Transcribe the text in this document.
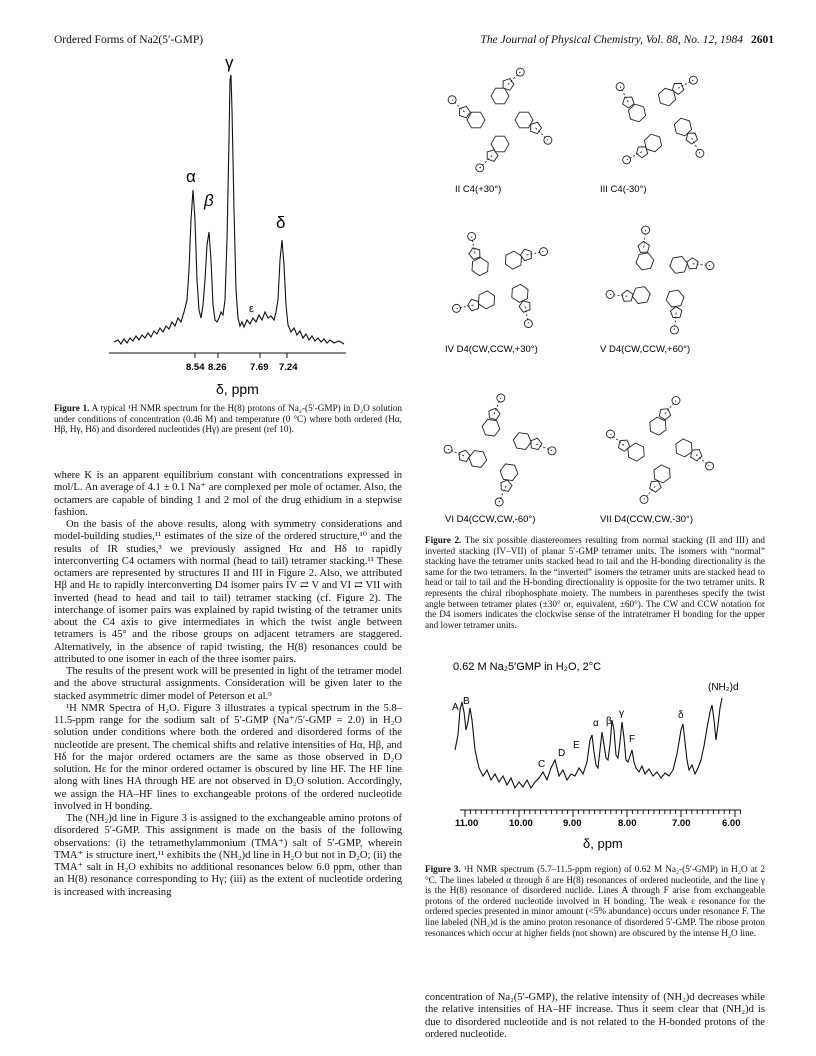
Ordered Forms of Na2(5′-GMP)	The Journal of Physical Chemistry, Vol. 88, No. 12, 1984 2601
γ
α
β
δ
ε
8.54 8.26 7.69 7.24
δ, ppm
Figure 1. A typical ¹H NMR spectrum for the H(8) protons of Na₂-(5′-GMP) in D₂O solution under conditions of concentration (0.46 M) and temperature (0 °C) where both ordered (Hα, Hβ, Hγ, Hδ) and disordered nucleotides (Hγ) are present (ref 10).

where K is an apparent equilibrium constant with concentrations expressed in mol/L. An average of 4.1 ± 0.1 Na⁺ are complexed per mole of octamer. Also, the octamers are capable of binding 1 and 2 mol of the drug ethidium in a stepwise fashion.

On the basis of the above results, along with symmetry considerations and model-building studies,¹¹ estimates of the size of the ordered structure,¹⁰ and the results of IR studies,³ we previously assigned Hα and Hδ to rapidly interconverting C4 octamers with normal (head to tail) tetramer stacking.¹¹ These octamers are represented by structures II and III in Figure 2. Also, we attributed Hβ and Hε to rapidly interconverting D4 isomer pairs IV ⇄ V and VI ⇄ VII with inverted (head to head and tail to tail) tetramer stacking (cf. Figure 2). The interchange of isomer pairs was explained by rapid twisting of the tetramer units about the C4 axis to give intermediates in which the twist angle between tetramers is 45° and the ribose groups on adjacent tetramers are staggered. Alternatively, in the absence of rapid twisting, the H(8) resonances could be attributed to one isomer in each of the three isomer pairs.

The results of the present work will be presented in light of the tetramer model and the above structural assignments. Consideration will be given later to the stacked asymmetric dimer model of Peterson et al.⁹

¹H NMR Spectra of H₂O. Figure 3 illustrates a typical spectrum in the 5.8–11.5-ppm range for the sodium salt of 5′-GMP (Na⁺/5′-GMP = 2.0) in H₂O solution under conditions where both the ordered and disordered forms of the nucleotide are present. The chemical shifts and relative intensities of Hα, Hβ, and Hδ for the major ordered octamers are the same as those observed in D₂O solution. Hε for the minor ordered octamer is obscured by line HF. The HF line along with lines HA through HE are not observed in D₂O solution. Accordingly, we assign the HA–HF lines to exchangeable protons of the ordered nucleotide involved in H bonding.

The (NH₂)d line in Figure 3 is assigned to the exchangeable amino protons of disordered 5′-GMP. This assignment is made on the basis of the following observations: (i) the tetramethylammonium (TMA⁺) salt of 5′-GMP, wherein TMA⁺ is structure inert,¹¹ exhibits the (NH₂)d line in H₂O but not in D₂O; (ii) the TMA⁺ salt in H₂O exhibits no additional resonances below 6.0 ppm, other than an H(8) resonance corresponding to Hγ; (iii) as the extent of nucleotide ordering is increased with increasing

II C4(+30°)	III C4(-30°)
IV D4(CW,CCW,+30°)	V D4(CW,CCW,+60°)
VI D4(CCW,CW,-60°)	VII D4(CCW,CW,-30°)
Figure 2. The six possible diastereomers resulting from normal stacking (II and III) and inverted stacking (IV–VII) of planar 5′-GMP tetramer units. The isomers with “normal” stacking have the tetramer units stacked head to tail and the H-bonding directionality is the same for the two tetramers. In the “inverted” isomers the tetramer units are stacked head to head or tail to tail and the H-bonding directionality is opposite for the two tetramer units. R represents the chiral ribophosphate moiety. The numbers in parentheses specify the twist angle between tetramer plates (±30° or, equivalent, ±60°). The CW and CCW notation for the D4 isomers indicates the clockwise sense of the intratetramer H bonding for the upper and lower tetramer units.
0.62 M Na₂5′GMP in H₂O, 2°C
A
B
C
D
E
α β
γ
F
δ
(NH₂)d
11.00	10.00	9.00	8.00	7.00	6.00
δ, ppm
Figure 3. ¹H NMR spectrum (5.7–11.5-ppm region) of 0.62 M Na₂-(5′-GMP) in H₂O at 2 °C. The lines labeled α through δ are H(8) resonances of ordered nucleotide, and the line γ is the H(8) resonance of disordered nuclide. Lines A through F arise from exchangeable protons of the ordered nucleotide involved in H bonding. The weak ε resonance for the ordered species presented in minor amount (<5% abundance) occurs under resonance F. The line labeled (NH₂)d is the amino proton resonance of disordered 5′-GMP. The ribose proton resonances which occur at higher fields (not shown) are obscured by the intense H₂O line.
concentration of Na₂(5′-GMP), the relative intensity of (NH₂)d decreases while the relative intensities of HA–HF increase. Thus it seem clear that (NH₂)d is due to disordered nucleotide and is not related to the H-bonded protons of the ordered nucleotide.
